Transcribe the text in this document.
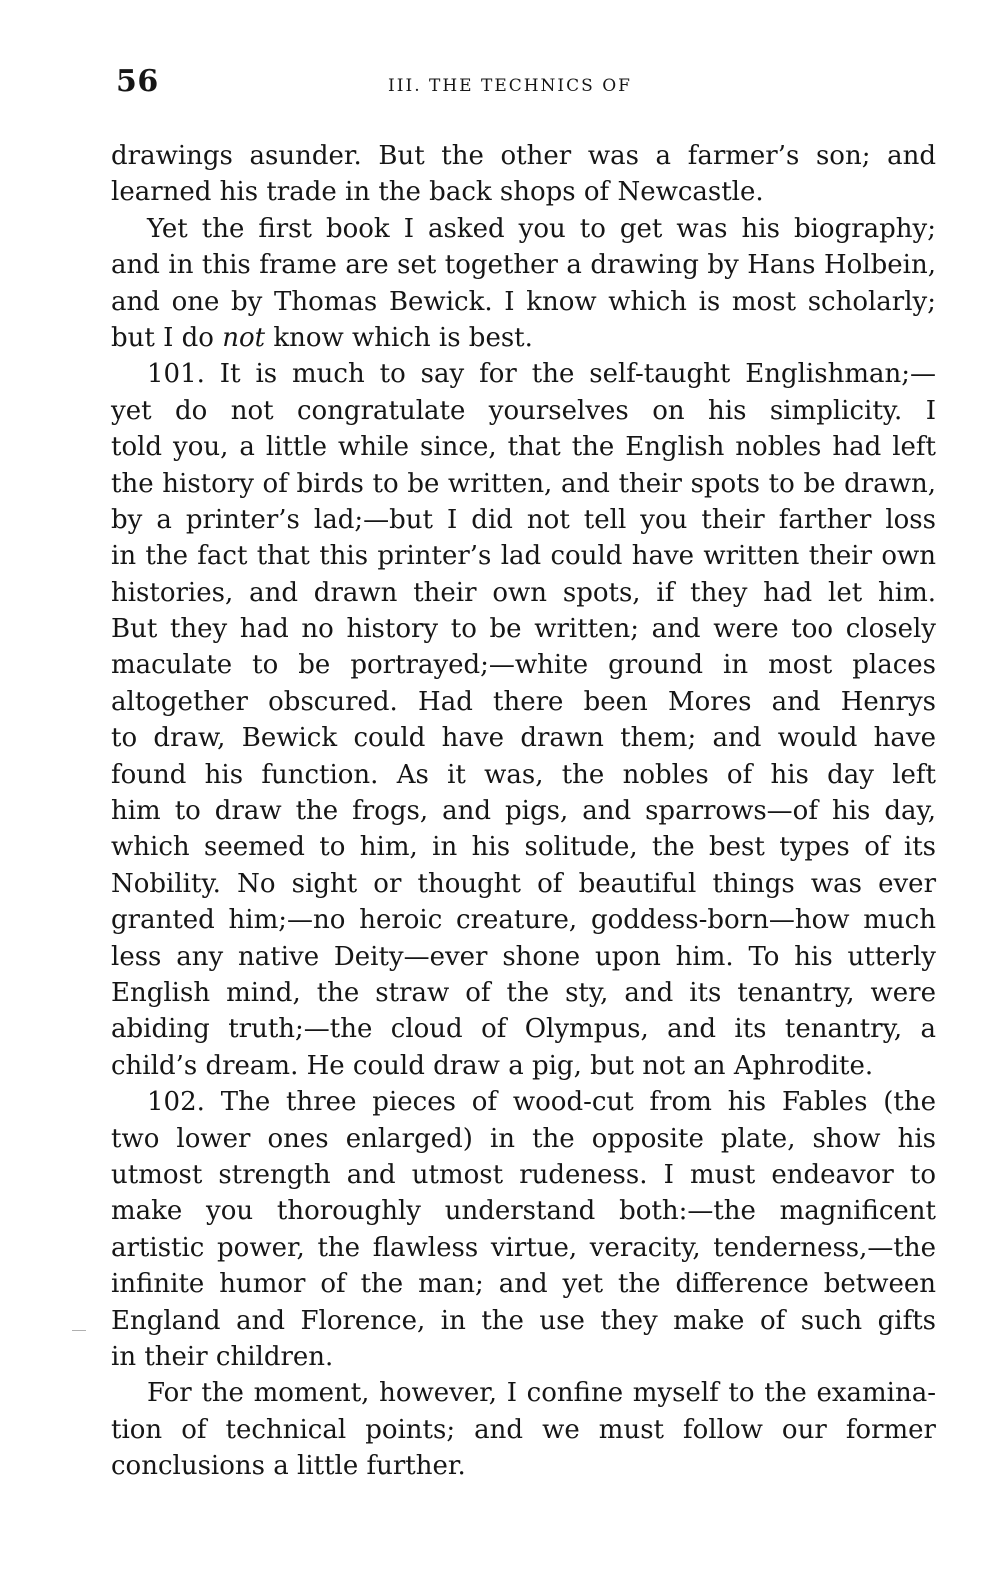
56	III. THE TECHNICS OF
drawings asunder. But the other was a farmer’s son; and
learned his trade in the back shops of Newcastle.
Yet the first book I asked you to get was his biography;
and in this frame are set together a drawing by Hans Holbein,
and one by Thomas Bewick. I know which is most scholarly;
but I do not know which is best.
101. It is much to say for the self-taught Englishman;—
yet do not congratulate yourselves on his simplicity. I
told you, a little while since, that the English nobles had left
the history of birds to be written, and their spots to be drawn,
by a printer’s lad;—but I did not tell you their farther loss
in the fact that this printer’s lad could have written their own
histories, and drawn their own spots, if they had let him.
But they had no history to be written; and were too closely
maculate to be portrayed;—white ground in most places
altogether obscured. Had there been Mores and Henrys
to draw, Bewick could have drawn them; and would have
found his function. As it was, the nobles of his day left
him to draw the frogs, and pigs, and sparrows—of his day,
which seemed to him, in his solitude, the best types of its
Nobility. No sight or thought of beautiful things was ever
granted him;—no heroic creature, goddess-born—how much
less any native Deity—ever shone upon him. To his utterly
English mind, the straw of the sty, and its tenantry, were
abiding truth;—the cloud of Olympus, and its tenantry, a
child’s dream. He could draw a pig, but not an Aphrodite.
102. The three pieces of wood-cut from his Fables (the
two lower ones enlarged) in the opposite plate, show his
utmost strength and utmost rudeness. I must endeavor to
make you thoroughly understand both:—the magnificent
artistic power, the flawless virtue, veracity, tenderness,—the
infinite humor of the man; and yet the difference between
England and Florence, in the use they make of such gifts
in their children.
For the moment, however, I confine myself to the examina-
tion of technical points; and we must follow our former
conclusions a little further.
